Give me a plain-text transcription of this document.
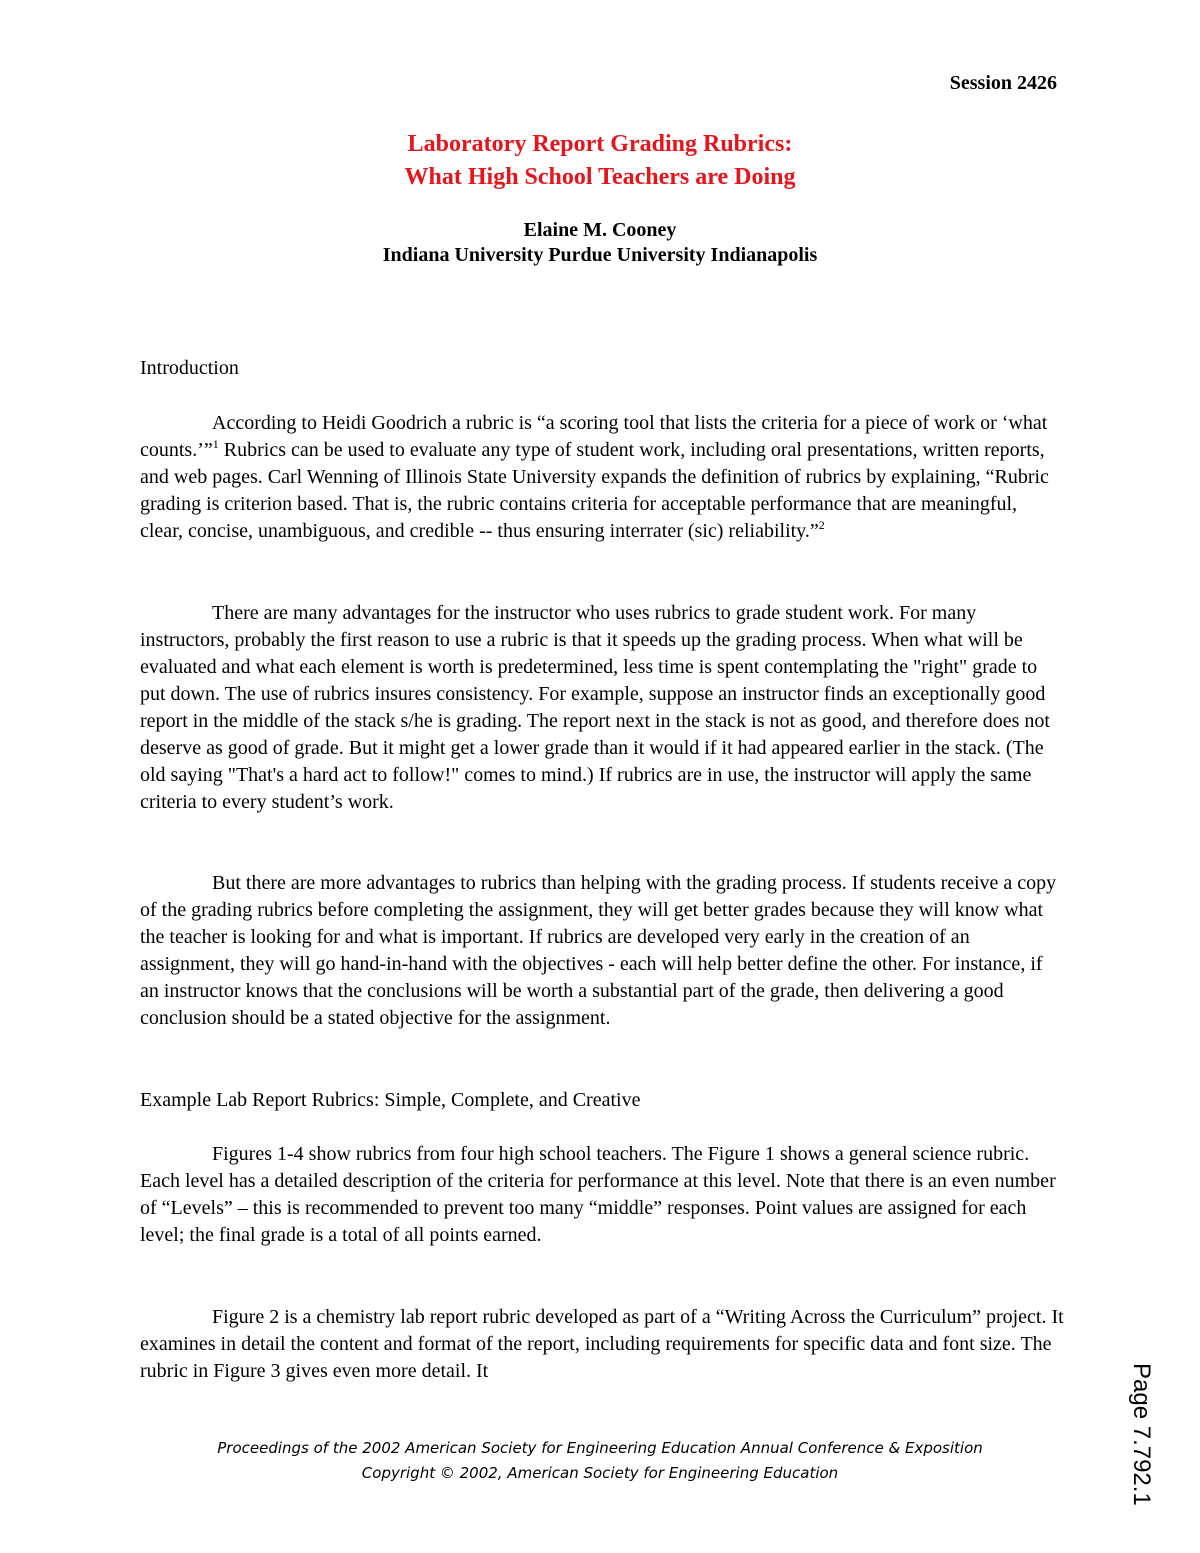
Session 2426
Laboratory Report Grading Rubrics:
What High School Teachers are Doing
Elaine M. Cooney
Indiana University Purdue University Indianapolis
Introduction

According to Heidi Goodrich a rubric is “a scoring tool that lists the criteria for a piece of work or ‘what counts.’”$^1$ Rubrics can be used to evaluate any type of student work, including oral presentations, written reports, and web pages. Carl Wenning of Illinois State University expands the definition of rubrics by explaining, “Rubric grading is criterion based. That is, the rubric contains criteria for acceptable performance that are meaningful, clear, concise, unambiguous, and credible -- thus ensuring interrater (sic) reliability.”$^2$

There are many advantages for the instructor who uses rubrics to grade student work. For many instructors, probably the first reason to use a rubric is that it speeds up the grading process. When what will be evaluated and what each element is worth is predetermined, less time is spent contemplating the "right" grade to put down. The use of rubrics insures consistency. For example, suppose an instructor finds an exceptionally good report in the middle of the stack s/he is grading. The report next in the stack is not as good, and therefore does not deserve as good of grade. But it might get a lower grade than it would if it had appeared earlier in the stack. (The old saying "That's a hard act to follow!" comes to mind.) If rubrics are in use, the instructor will apply the same criteria to every student’s work.

But there are more advantages to rubrics than helping with the grading process. If students receive a copy of the grading rubrics before completing the assignment, they will get better grades because they will know what the teacher is looking for and what is important. If rubrics are developed very early in the creation of an assignment, they will go hand-in-hand with the objectives - each will help better define the other. For instance, if an instructor knows that the conclusions will be worth a substantial part of the grade, then delivering a good conclusion should be a stated objective for the assignment.

Example Lab Report Rubrics: Simple, Complete, and Creative

Figures 1-4 show rubrics from four high school teachers. The Figure 1 shows a general science rubric. Each level has a detailed description of the criteria for performance at this level. Note that there is an even number of “Levels” – this is recommended to prevent too many “middle” responses. Point values are assigned for each level; the final grade is a total of all points earned.

Figure 2 is a chemistry lab report rubric developed as part of a “Writing Across the Curriculum” project. It examines in detail the content and format of the report, including requirements for specific data and font size. The rubric in Figure 3 gives even more detail. It

Proceedings of the 2002 American Society for Engineering Education Annual Conference & Exposition
Copyright © 2002, American Society for Engineering Education	Page 7.792.1
